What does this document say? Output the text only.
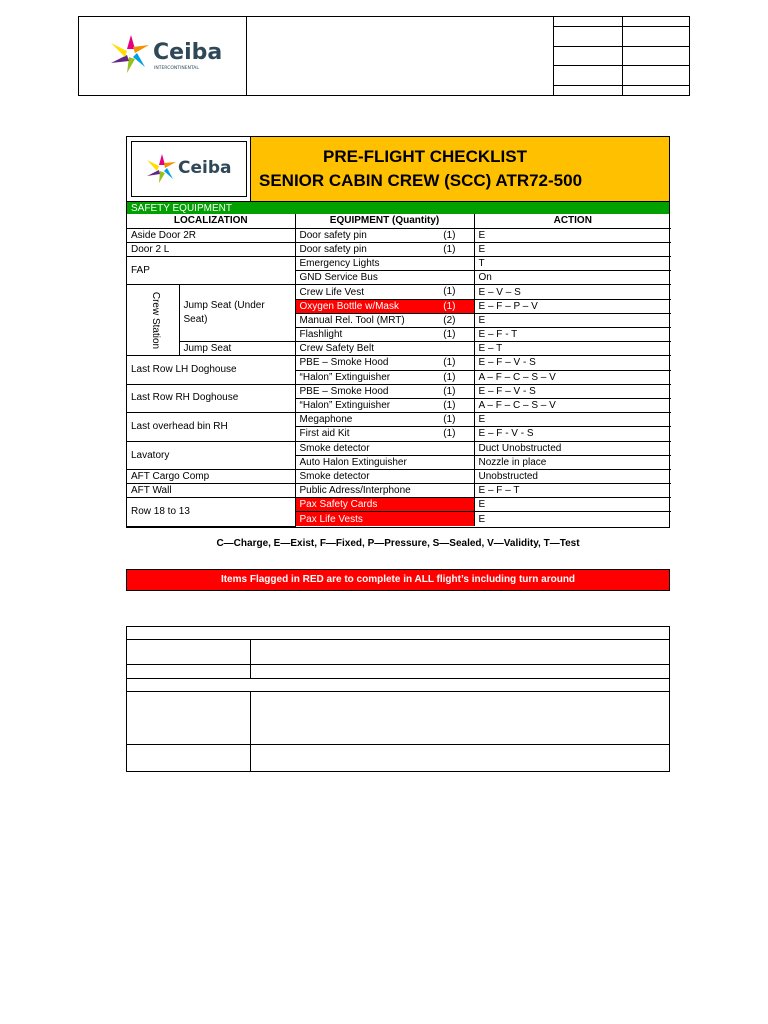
Ceiba
INTERCONTINENTAL

Ceiba
PRE-FLIGHT CHECKLIST
SENIOR CABIN CREW (SCC) ATR72-500
SAFETY EQUIPMENT
LOCALIZATION		EQUIPMENT (Quantity)	ACTION
Aside Door 2R		Door safety pin (1)	E
Door 2 L		Door safety pin (1)	E
FAP		Emergency Lights	T
		GND Service Bus	On
Crew Station	Jump Seat (Under Seat)	Crew Life Vest (1)	E – V – S
		Oxygen Bottle w/Mask (1)	E – F – P – V
		Manual Rel. Tool (MRT) (2)	E
		Flashlight (1)	E – F - T
	Jump Seat	Crew Safety Belt	E – T
Last Row LH Doghouse		PBE – Smoke Hood (1)	E – F – V - S
		“Halon” Extinguisher (1)	A – F – C – S – V
Last Row RH Doghouse		PBE – Smoke Hood (1)	E – F – V - S
		“Halon” Extinguisher (1)	A – F – C – S – V
Last overhead bin RH		Megaphone (1)	E
		First aid Kit (1)	E – F - V - S
Lavatory		Smoke detector	Duct Unobstructed
		Auto Halon Extinguisher	Nozzle in place
AFT Cargo Comp		Smoke detector	Unobstructed
AFT Wall		Public Adress/Interphone	E – F – T
Row 18 to 13		Pax Safety Cards	E
		Pax Life Vests	E
C—Charge, E—Exist, F—Fixed, P—Pressure, S—Sealed, V—Validity, T—Test
Items Flagged in RED are to complete in ALL flight’s including turn around
